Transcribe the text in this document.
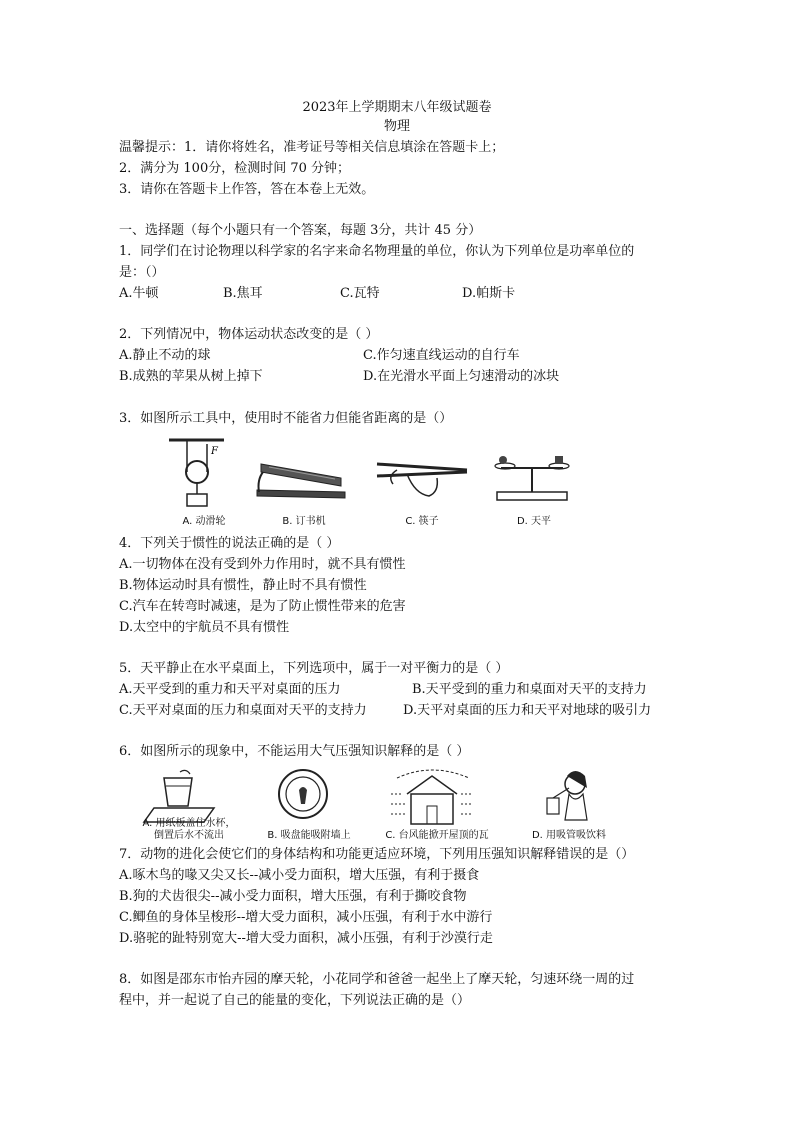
2023年上学期期末八年级试题卷
物理
温馨提示：1．请你将姓名，准考证号等相关信息填涂在答题卡上；
2．满分为 100分，检测时间 70 分钟；
3．请你在答题卡上作答，答在本卷上无效。
一、选择题（每个小题只有一个答案，每题 3分，共计 45 分）
1．同学们在讨论物理以科学家的名字来命名物理量的单位，你认为下列单位是功率单位的
是：（）
A.牛顿	B.焦耳	C.瓦特	D.帕斯卡
2．下列情况中，物体运动状态改变的是（ ）
A.静止不动的球	C.作匀速直线运动的自行车
B.成熟的苹果从树上掉下	D.在光滑水平面上匀速滑动的冰块
3．如图所示工具中，使用时不能省力但能省距离的是（）
F
A. 动滑轮	B. 订书机	C. 筷子	D. 天平
4．下列关于惯性的说法正确的是（ ）
A.一切物体在没有受到外力作用时，就不具有惯性
B.物体运动时具有惯性，静止时不具有惯性
C.汽车在转弯时减速，是为了防止惯性带来的危害
D.太空中的宇航员不具有惯性
5．天平静止在水平桌面上，下列选项中，属于一对平衡力的是（ ）
A.天平受到的重力和天平对桌面的压力	B.天平受到的重力和桌面对天平的支持力
C.天平对桌面的压力和桌面对天平的支持力	D.天平对桌面的压力和天平对地球的吸引力
6．如图所示的现象中，不能运用大气压强知识解释的是（ ）
A. 用纸板盖住水杯，
倒置后水不流出	B. 吸盘能吸附墙上	C. 台风能掀开屋顶的瓦	D. 用吸管吸饮料
7．动物的进化会使它们的身体结构和功能更适应环境，下列用压强知识解释错误的是（）
A.啄木鸟的喙又尖又长--减小受力面积，增大压强，有利于摄食
B.狗的犬齿很尖--减小受力面积，增大压强，有利于撕咬食物
C.鲫鱼的身体呈梭形--增大受力面积，减小压强，有利于水中游行
D.骆驼的趾特别宽大--增大受力面积，减小压强，有利于沙漠行走
8．如图是邵东市怡卉园的摩天轮，小花同学和爸爸一起坐上了摩天轮，匀速环绕一周的过
程中，并一起说了自己的能量的变化，下列说法正确的是（）
